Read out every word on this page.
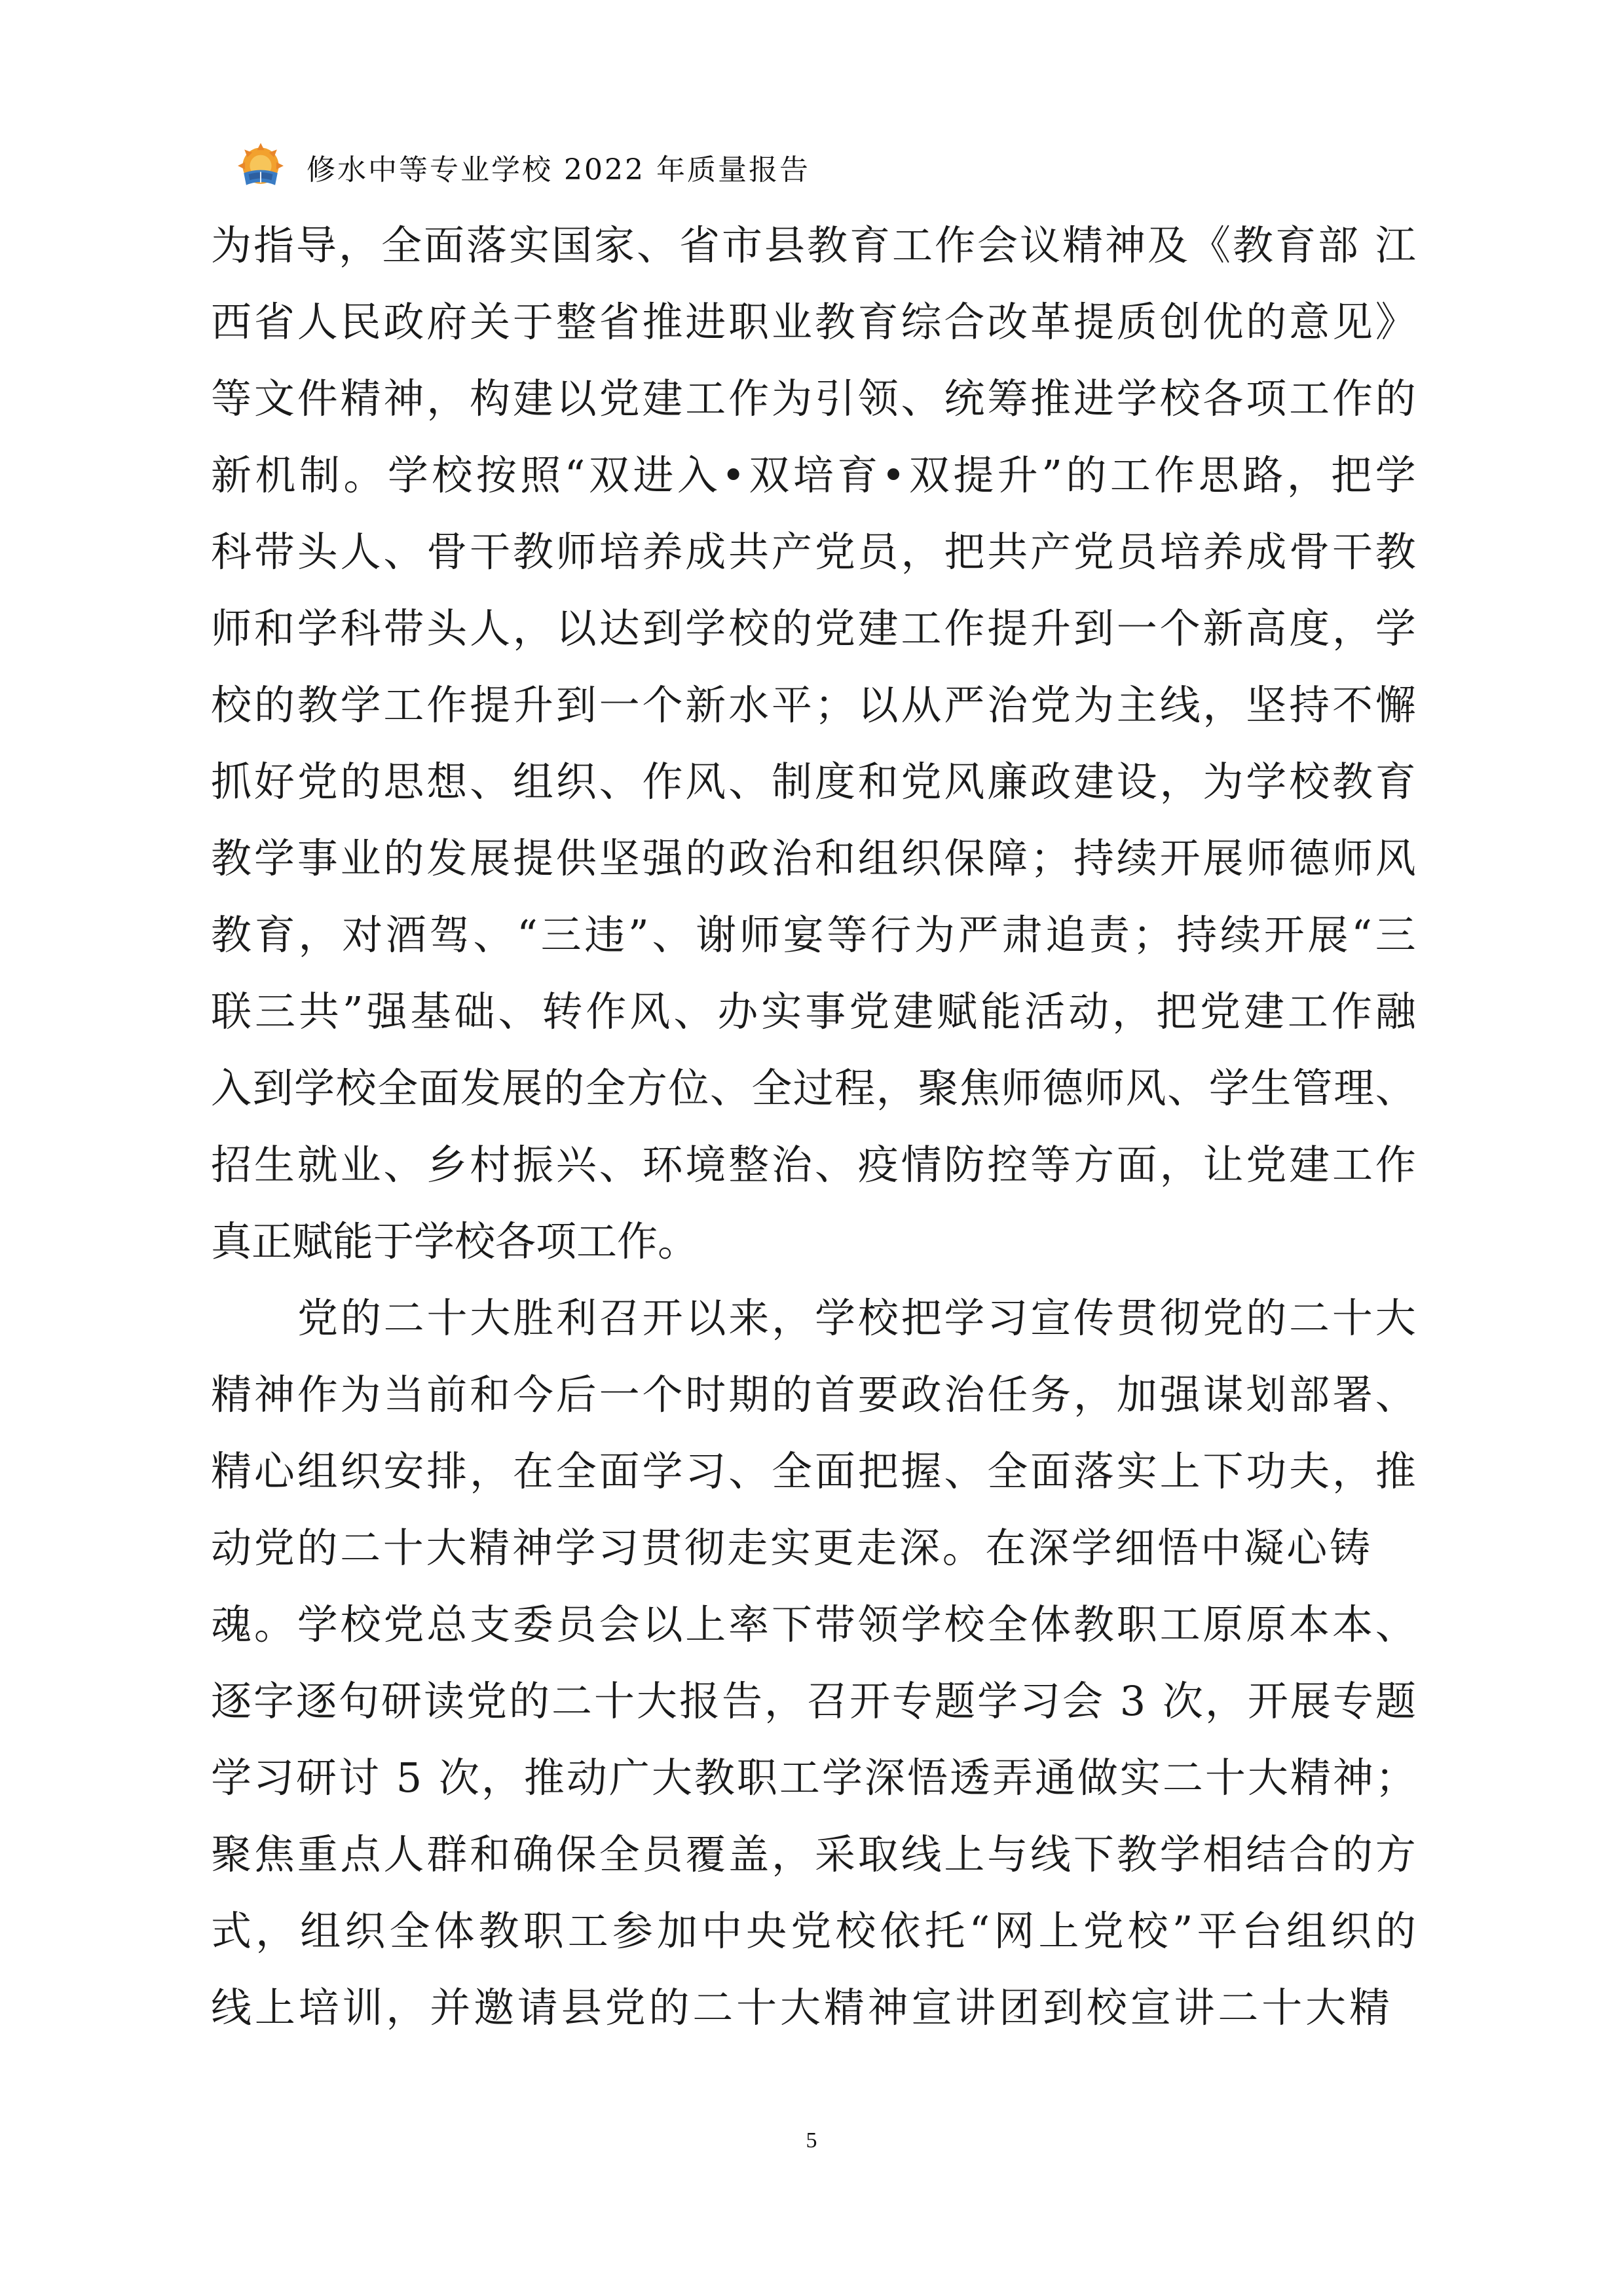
修水中等专业学校 2022 年质量报告
为 指 导 ， 全 面 落 实 国 家 、 省 市 县 教 育 工 作 会 议 精 神 及 《 教 育 部
江
西 省 人 民 政 府 关 于 整 省 推 进 职 业 教 育 综 合 改 革 提 质 创 优 的 意 见 》
等 文 件 精 神 ， 构 建 以 党 建 工 作 为 引 领 、 统 筹 推 进 学 校 各 项 工 作 的
新 机 制 。 学 校 按 照 “ 双 进 入 • 双 培 育 • 双 提 升 ” 的 工 作 思 路 ， 把 学
科 带 头 人 、 骨 干 教 师 培 养 成 共 产 党 员 ， 把 共 产 党 员 培 养 成 骨 干 教
师 和 学 科 带 头 人 ， 以 达 到 学 校 的 党 建 工 作 提 升 到 一 个 新 高 度 ， 学
校 的 教 学 工 作 提 升 到 一 个 新 水 平 ； 以 从 严 治 党 为 主 线 ， 坚 持 不 懈
抓 好 党 的 思 想 、 组 织 、 作 风 、 制 度 和 党 风 廉 政 建 设 ， 为 学 校 教 育
教 学 事 业 的 发 展 提 供 坚 强 的 政 治 和 组 织 保 障 ； 持 续 开 展 师 德 师 风
教 育 ， 对 酒 驾 、 “ 三 违 ” 、 谢 师 宴 等 行 为 严 肃 追 责 ； 持 续 开 展 “ 三
联 三 共 ” 强 基 础 、 转 作 风 、 办 实 事 党 建 赋 能 活 动 ， 把 党 建 工 作 融
入 到 学 校 全 面 发 展 的 全 方 位 、 全 过 程 ， 聚 焦 师 德 师 风 、 学 生 管 理 、
招 生 就 业 、 乡 村 振 兴 、 环 境 整 治 、 疫 情 防 控 等 方 面 ， 让 党 建 工 作
真正赋能于学校各项工作。
党 的 二 十 大 胜 利 召 开 以 来 ， 学 校 把 学 习 宣 传 贯 彻 党 的 二 十 大
精 神 作 为 当 前 和 今 后 一 个 时 期 的 首 要 政 治 任 务 ， 加 强 谋 划 部 署 、
精 心 组 织 安 排 ， 在 全 面 学 习 、 全 面 把 握 、 全 面 落 实 上 下 功 夫 ， 推
动 党 的 二 十 大 精 神 学 习 贯 彻 走 实 更 走 深 。 在 深 学 细 悟 中 凝 心 铸
魂 。 学 校 党 总 支 委 员 会 以 上 率 下 带 领 学 校 全 体 教 职 工 原 原 本 本 、
逐 字 逐 句 研 读 党 的 二 十 大 报 告 ， 召 开 专 题 学 习 会
3
次 ， 开 展 专 题
学 习 研 讨
5
次 ， 推 动 广 大 教 职 工 学 深 悟 透 弄 通 做 实 二 十 大 精 神 ；
聚 焦 重 点 人 群 和 确 保 全 员 覆 盖 ， 采 取 线 上 与 线 下 教 学 相 结 合 的 方
式 ， 组 织 全 体 教 职 工 参 加 中 央 党 校 依 托 “ 网 上 党 校 ” 平 台 组 织 的
线 上 培 训 ， 并 邀 请 县 党 的 二 十 大 精 神 宣 讲 团 到 校 宣 讲 二 十 大 精
5
